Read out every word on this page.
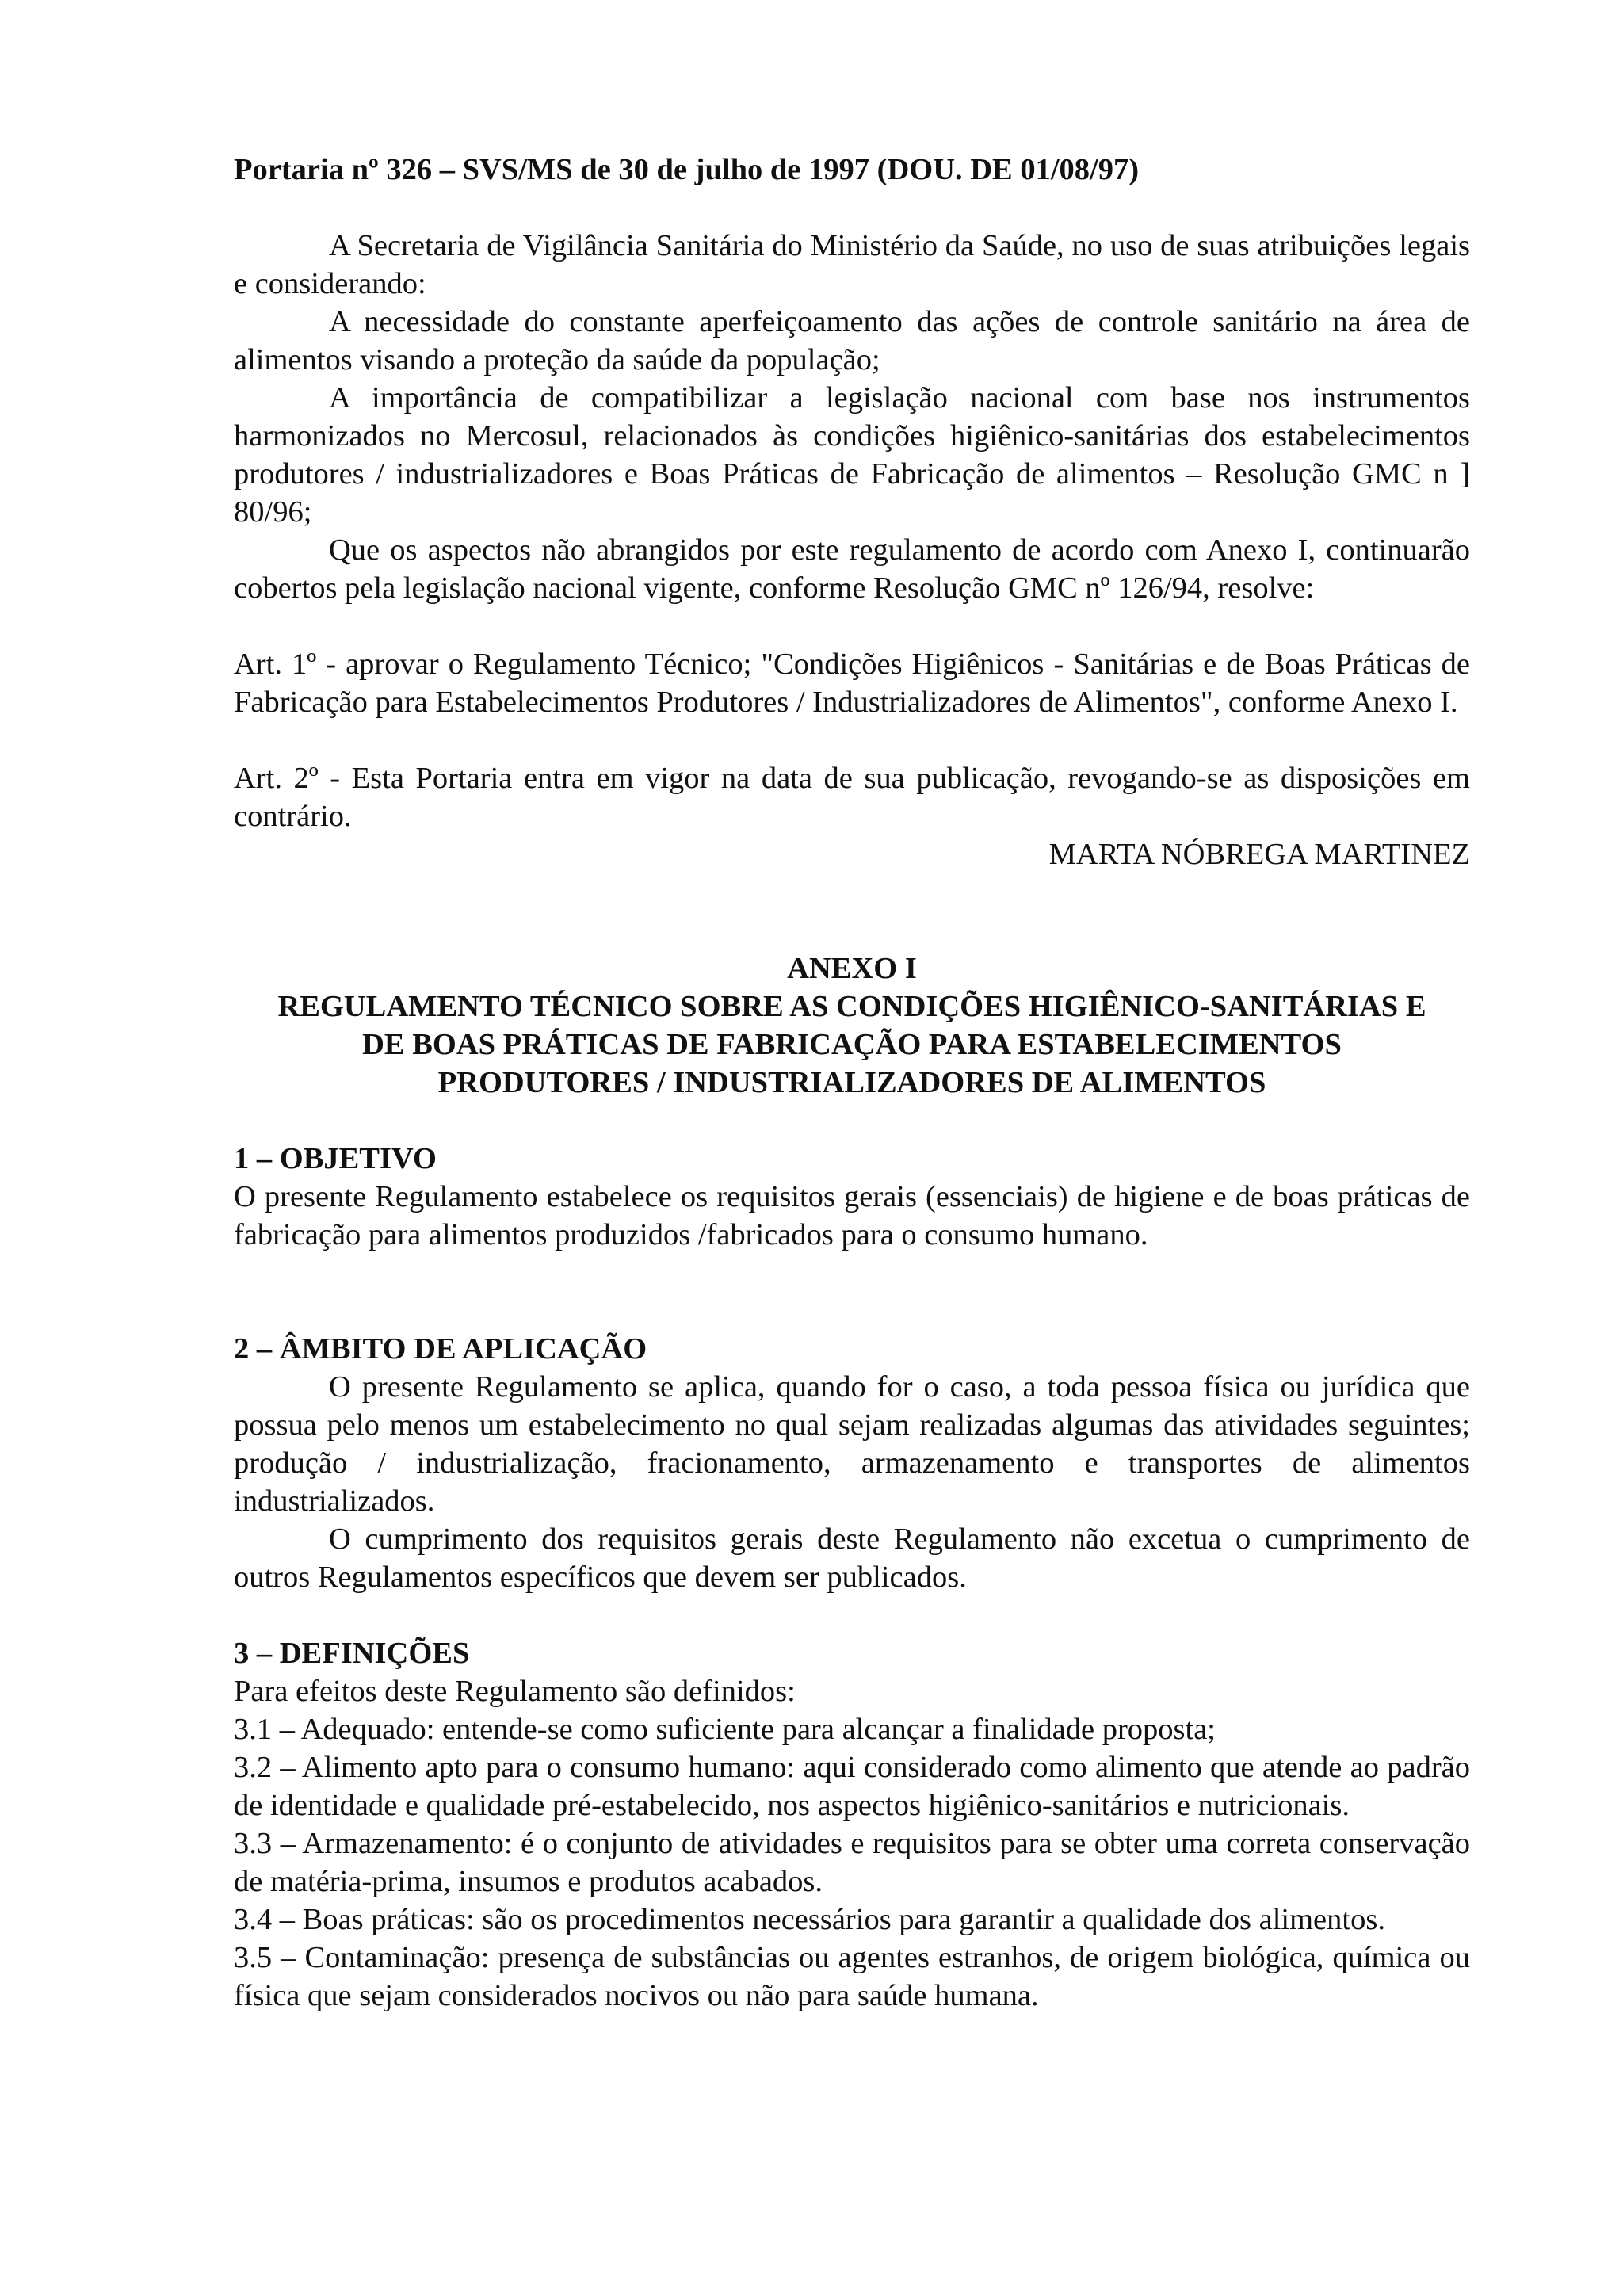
Portaria nº 326 – SVS/MS de 30 de julho de 1997 (DOU. DE 01/08/97)

A Secretaria de Vigilância Sanitária do Ministério da Saúde, no uso de suas atribuições legais e considerando:

A necessidade do constante aperfeiçoamento das ações de controle sanitário na área de alimentos visando a proteção da saúde da população;

A importância de compatibilizar a legislação nacional com base nos instrumentos harmonizados no Mercosul, relacionados às condições higiênico-sanitárias dos estabelecimentos produtores / industrializadores e Boas Práticas de Fabricação de alimentos – Resolução GMC n ] 80/96;

Que os aspectos não abrangidos por este regulamento de acordo com Anexo I, continuarão cobertos pela legislação nacional vigente, conforme Resolução GMC nº 126/94, resolve:

Art. 1º - aprovar o Regulamento Técnico; "Condições Higiênicos - Sanitárias e de Boas Práticas de Fabricação para Estabelecimentos Produtores / Industrializadores de Alimentos", conforme Anexo I.

Art. 2º - Esta Portaria entra em vigor na data de sua publicação, revogando-se as disposições em contrário.

MARTA NÓBREGA MARTINEZ

ANEXO I

REGULAMENTO TÉCNICO SOBRE AS CONDIÇÕES HIGIÊNICO-SANITÁRIAS E

DE BOAS PRÁTICAS DE FABRICAÇÃO PARA ESTABELECIMENTOS

PRODUTORES / INDUSTRIALIZADORES DE ALIMENTOS

1 – OBJETIVO

O presente Regulamento estabelece os requisitos gerais (essenciais) de higiene e de boas práticas de fabricação para alimentos produzidos /fabricados para o consumo humano.

2 – ÂMBITO DE APLICAÇÃO

O presente Regulamento se aplica, quando for o caso, a toda pessoa física ou jurídica que possua pelo menos um estabelecimento no qual sejam realizadas algumas das atividades seguintes; produção / industrialização, fracionamento, armazenamento e transportes de alimentos industrializados.

O cumprimento dos requisitos gerais deste Regulamento não excetua o cumprimento de outros Regulamentos específicos que devem ser publicados.

3 – DEFINIÇÕES

Para efeitos deste Regulamento são definidos:

3.1 – Adequado: entende-se como suficiente para alcançar a finalidade proposta;

3.2 – Alimento apto para o consumo humano: aqui considerado como alimento que atende ao padrão de identidade e qualidade pré-estabelecido, nos aspectos higiênico-sanitários e nutricionais.

3.3 – Armazenamento: é o conjunto de atividades e requisitos para se obter uma correta conservação de matéria-prima, insumos e produtos acabados.

3.4 – Boas práticas: são os procedimentos necessários para garantir a qualidade dos alimentos.

3.5 – Contaminação: presença de substâncias ou agentes estranhos, de origem biológica, química ou física que sejam considerados nocivos ou não para saúde humana.
